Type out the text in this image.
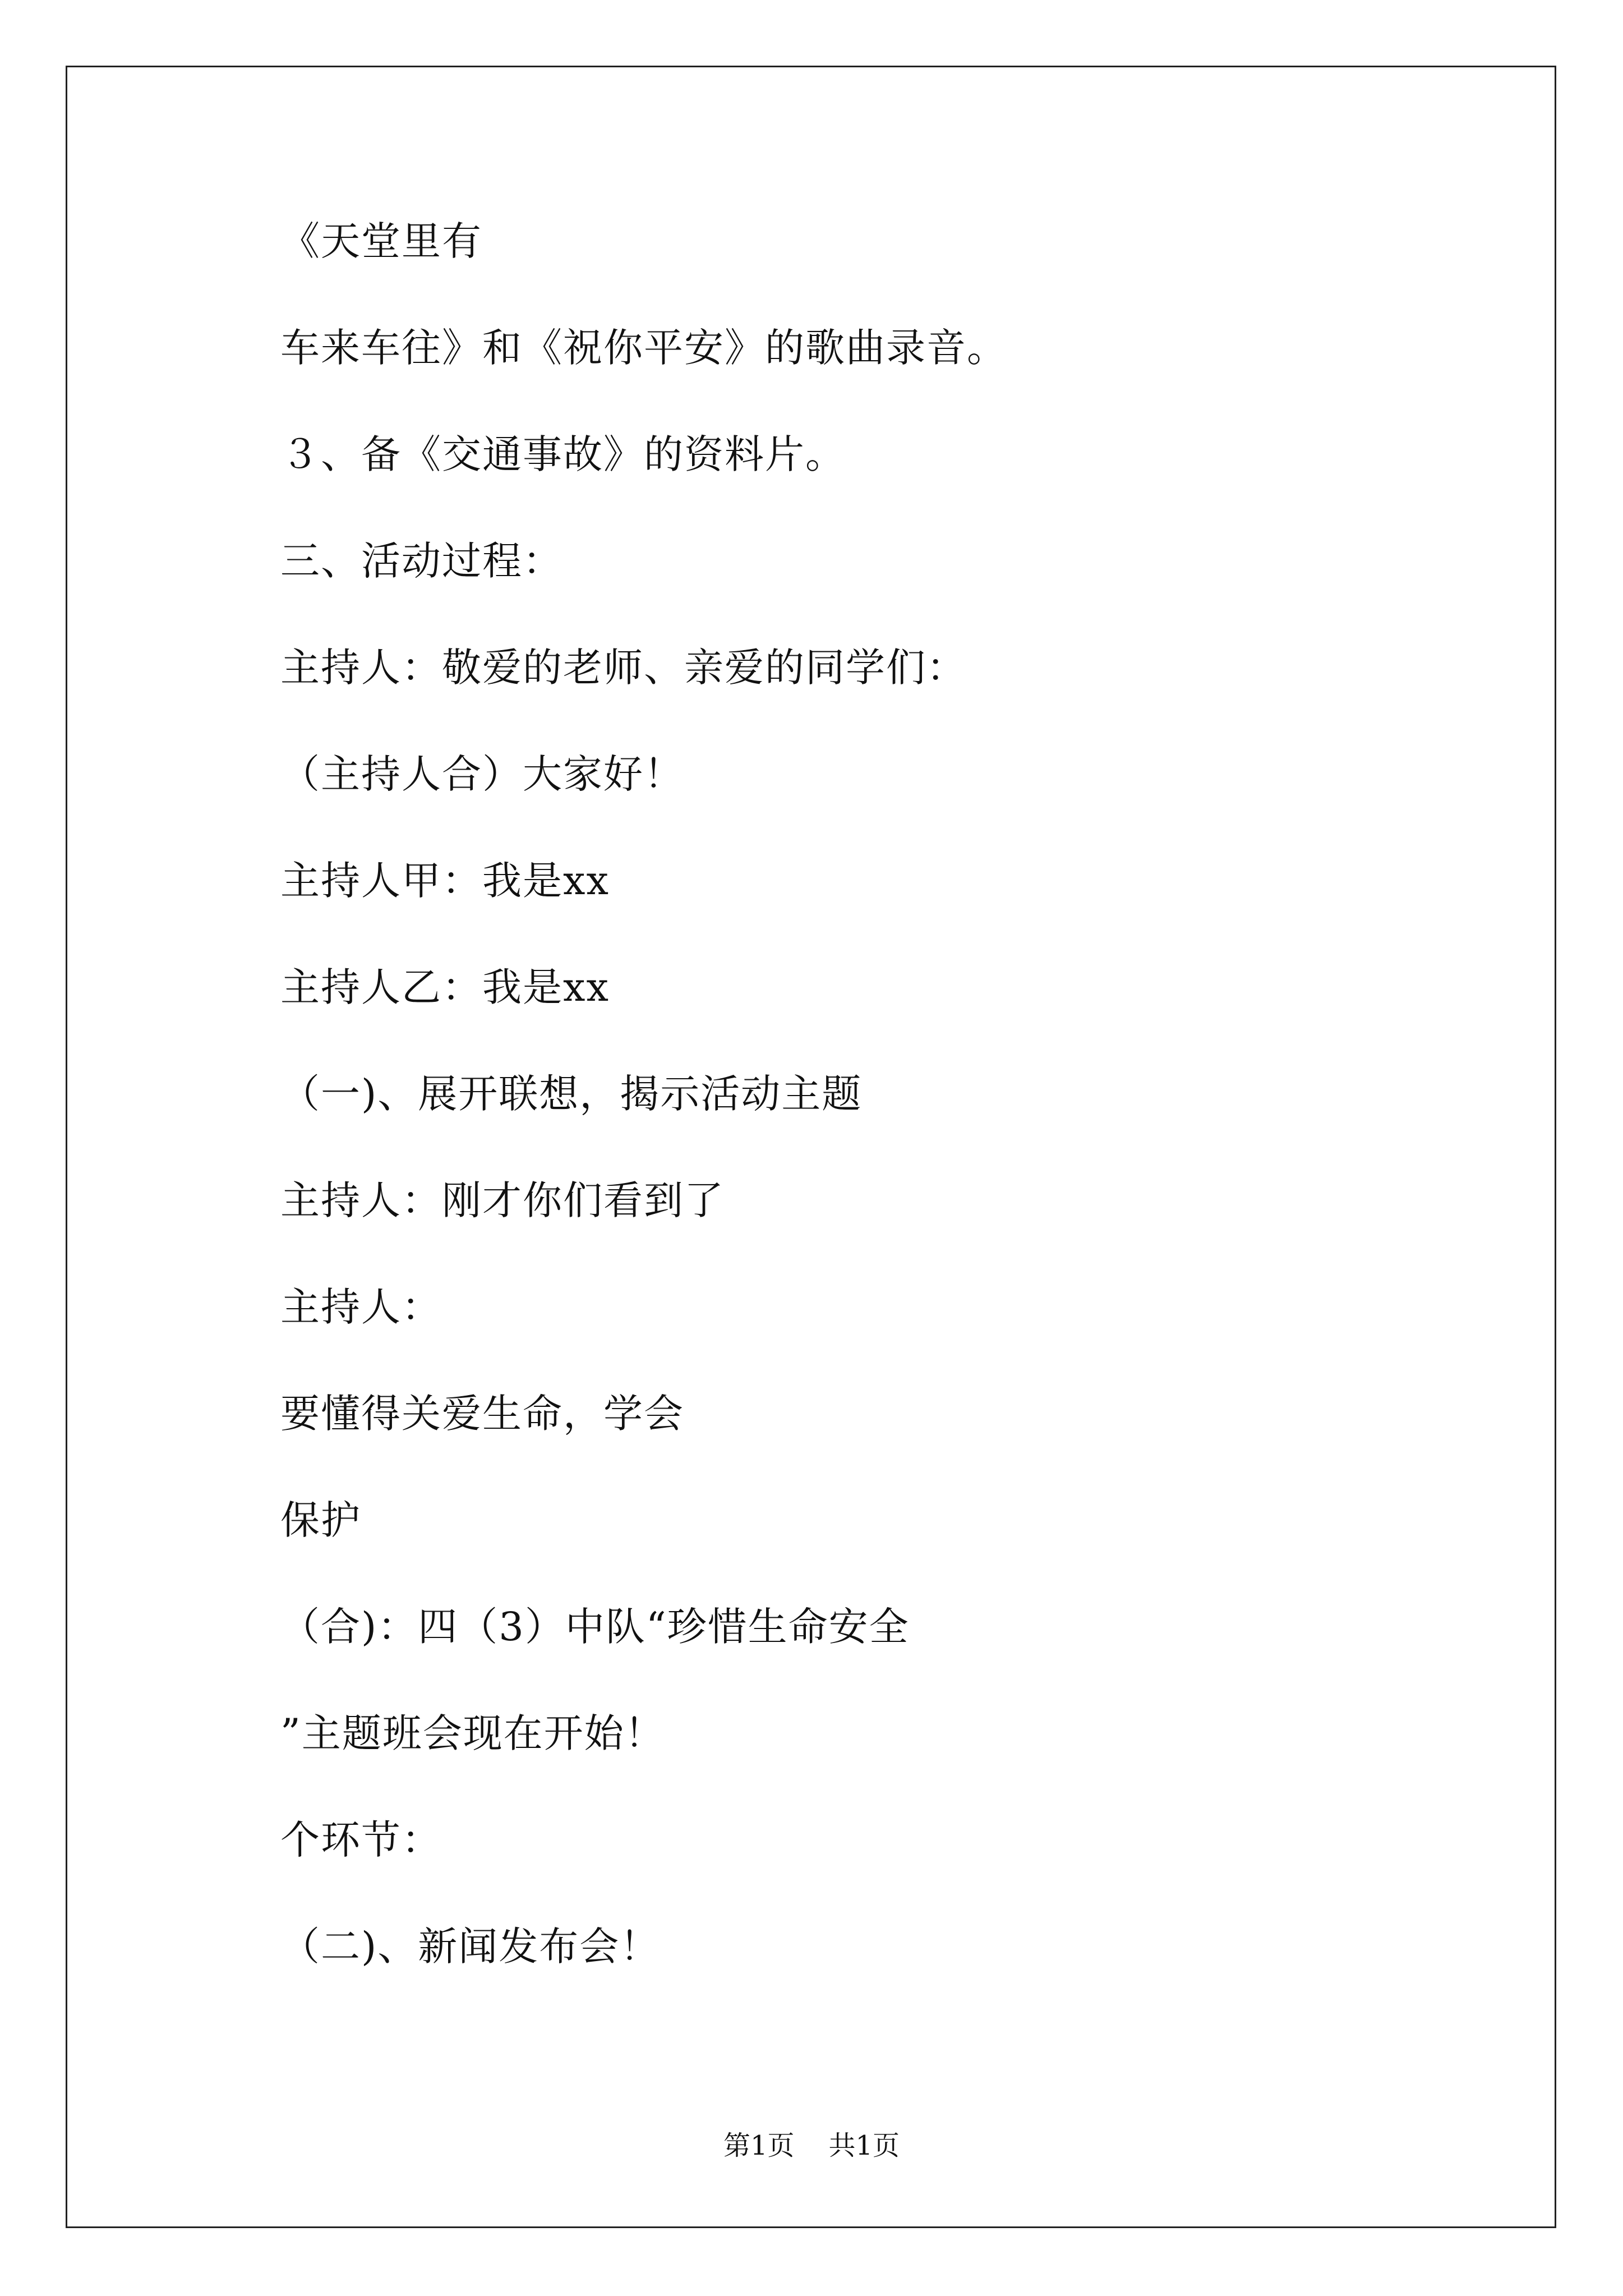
《天堂里有
车来车往》和《祝你平安》的歌曲录音。
３、备《交通事故》的资料片。
三、活动过程：
主持人：敬爱的老师、亲爱的同学们：
（主持人合）大家好！
主持人甲：我是xx
主持人乙：我是xx
（一)、展开联想，揭示活动主题
主持人：刚才你们看到了
主持人：
要懂得关爱生命，学会
保护
（合)：四（3）中队“珍惜生命安全
”主题班会现在开始！
个环节：
（二)、新闻发布会！
第1页    共1页
